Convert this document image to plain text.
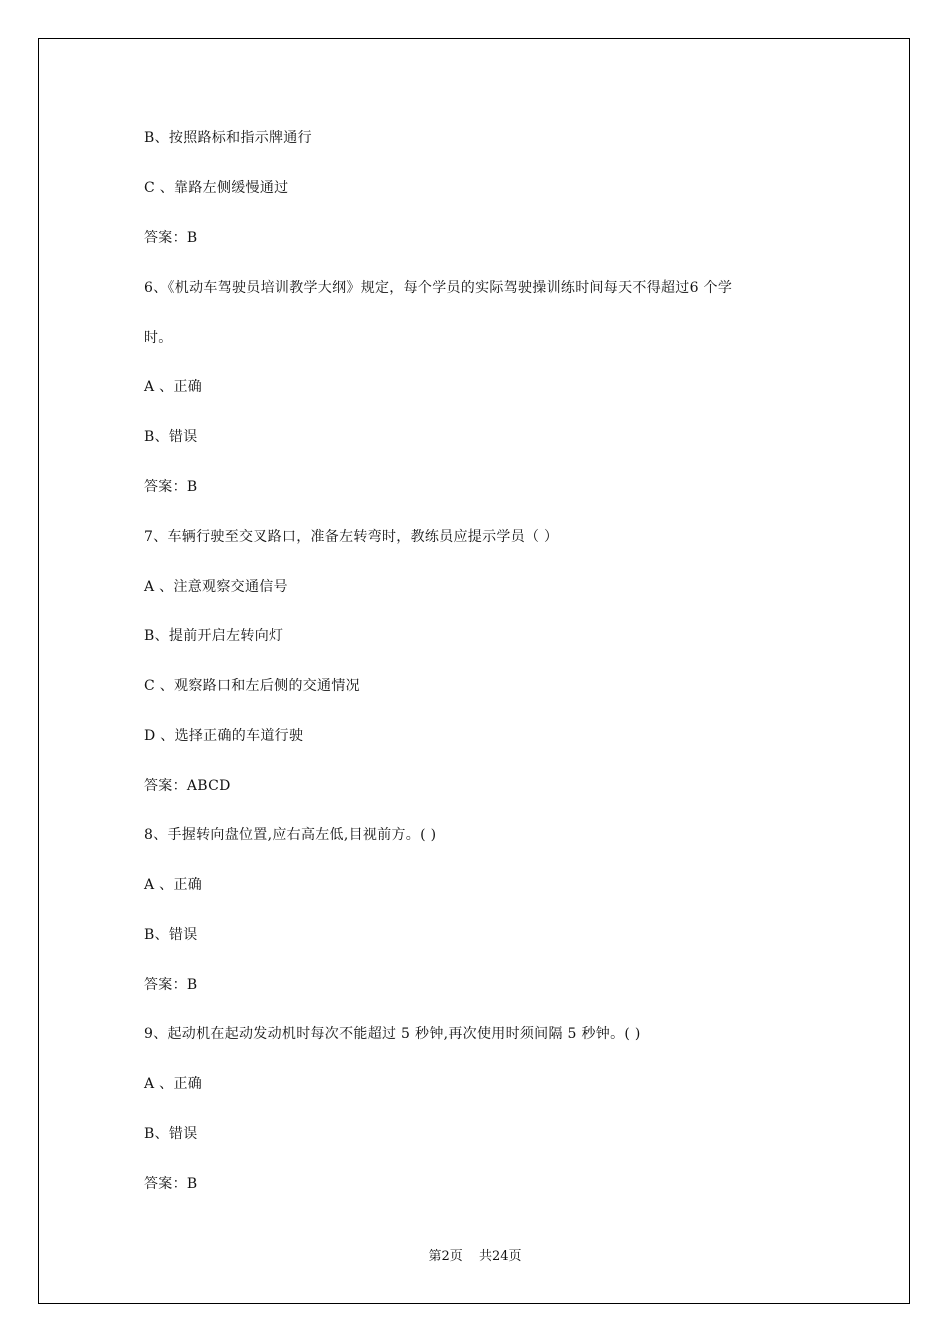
B、按照路标和指示牌通行
C 、靠路左侧缓慢通过
答案：B
6、《机动车驾驶员培训教学大纲》规定，每个学员的实际驾驶操训练时间每天不得超过6 个学
时。
A 、正确
B、错误
答案：B
7、车辆行驶至交叉路口，准备左转弯时，教练员应提示学员（ ）
A 、注意观察交通信号
B、提前开启左转向灯
C 、观察路口和左后侧的交通情况
D 、选择正确的车道行驶
答案：ABCD
8、手握转向盘位置,应右高左低,目视前方。( )
A 、正确
B、错误
答案：B
9、起动机在起动发动机时每次不能超过 5 秒钟,再次使用时须间隔 5 秒钟。( )
A 、正确
B、错误
答案：B
第2页 共24页
